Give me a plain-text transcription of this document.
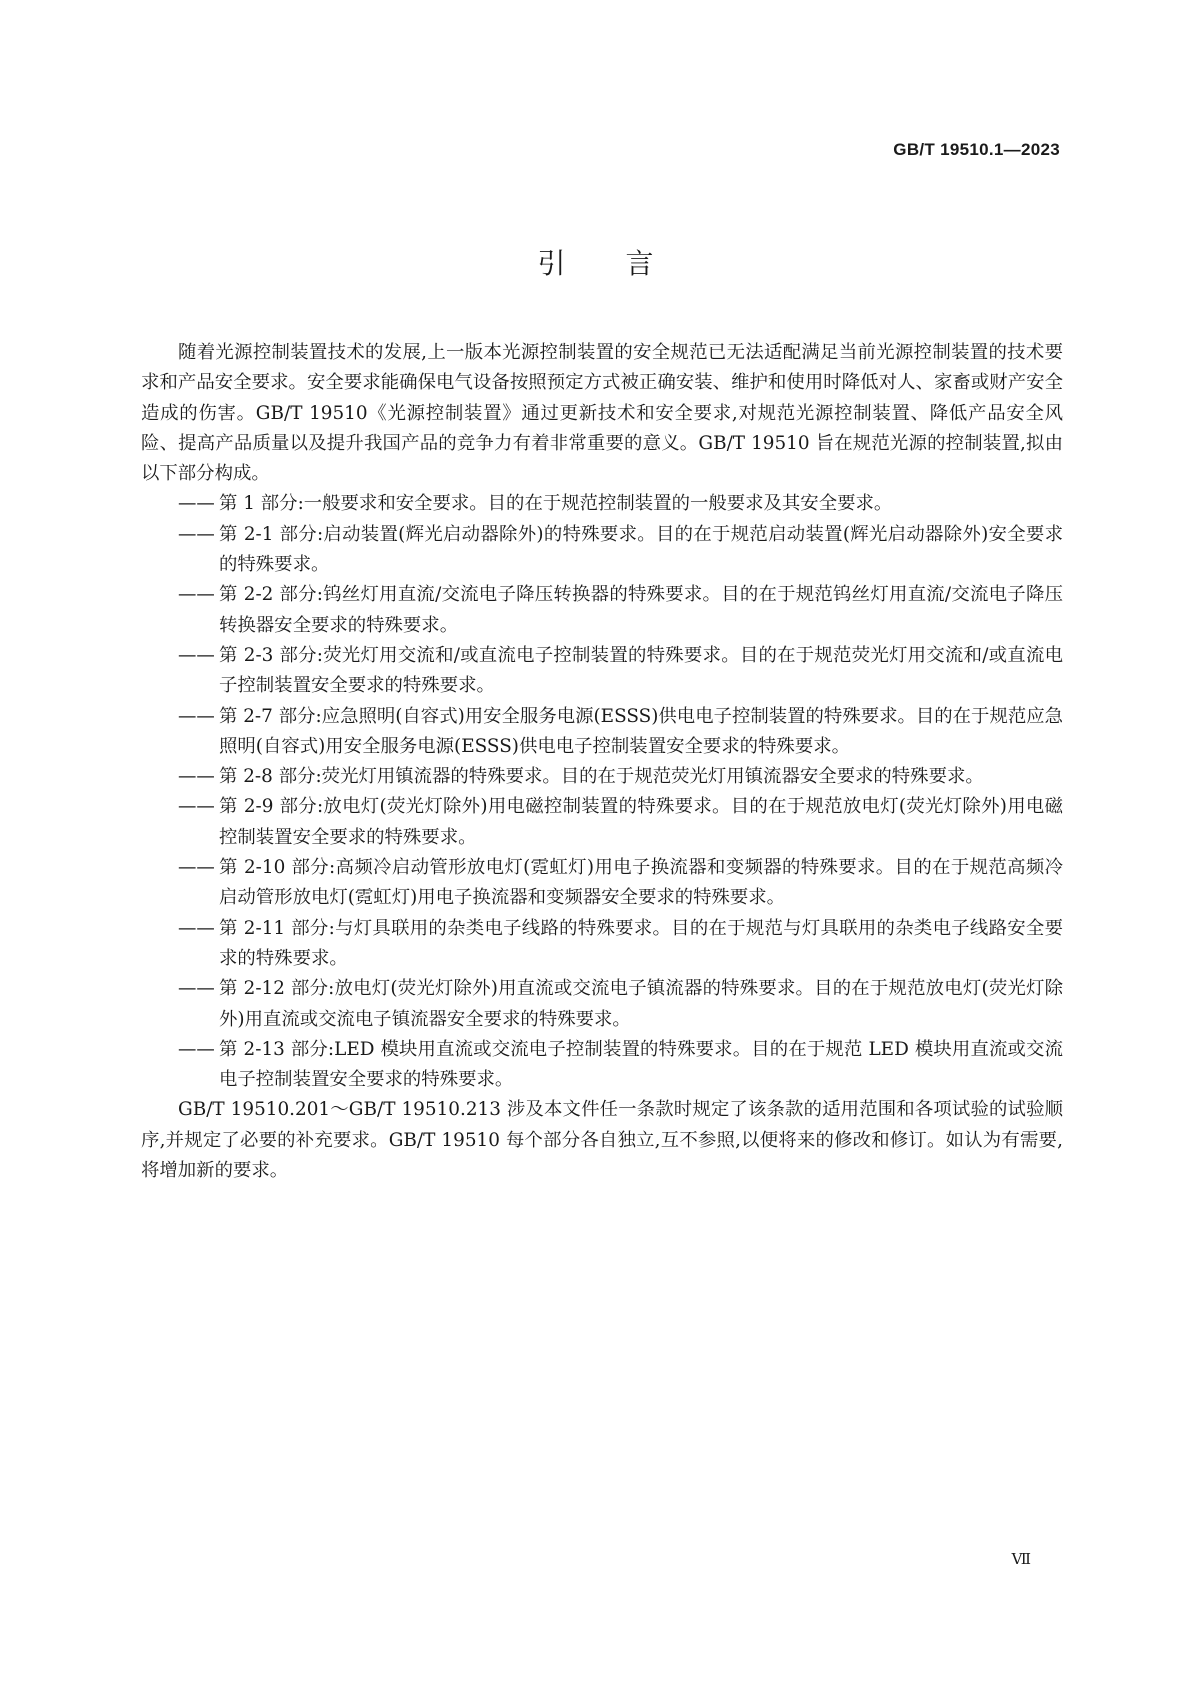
GB/T 19510.1—2023
引言

随着光源控制装置技术的发展,上一版本光源控制装置的安全规范已无法适配满足当前光源控制装置的技术要求和产品安全要求。安全要求能确保电气设备按照预定方式被正确安装、维护和使用时降低对人、家畜或财产安全造成的伤害。GB/T 19510《光源控制装置》通过更新技术和安全要求,对规范光源控制装置、降低产品安全风险、提高产品质量以及提升我国产品的竞争力有着非常重要的意义。GB/T 19510 旨在规范光源的控制装置,拟由以下部分构成。

—— 第 1 部分:一般要求和安全要求。目的在于规范控制装置的一般要求及其安全要求。
—— 第 2-1 部分:启动装置(辉光启动器除外)的特殊要求。目的在于规范启动装置(辉光启动器除外)安全要求的特殊要求。
—— 第 2-2 部分:钨丝灯用直流/交流电子降压转换器的特殊要求。目的在于规范钨丝灯用直流/交流电子降压转换器安全要求的特殊要求。
—— 第 2-3 部分:荧光灯用交流和/或直流电子控制装置的特殊要求。目的在于规范荧光灯用交流和/或直流电子控制装置安全要求的特殊要求。
—— 第 2-7 部分:应急照明(自容式)用安全服务电源(ESSS)供电电子控制装置的特殊要求。目的在于规范应急照明(自容式)用安全服务电源(ESSS)供电电子控制装置安全要求的特殊要求。
—— 第 2-8 部分:荧光灯用镇流器的特殊要求。目的在于规范荧光灯用镇流器安全要求的特殊要求。
—— 第 2-9 部分:放电灯(荧光灯除外)用电磁控制装置的特殊要求。目的在于规范放电灯(荧光灯除外)用电磁控制装置安全要求的特殊要求。
—— 第 2-10 部分:高频冷启动管形放电灯(霓虹灯)用电子换流器和变频器的特殊要求。目的在于规范高频冷启动管形放电灯(霓虹灯)用电子换流器和变频器安全要求的特殊要求。
—— 第 2-11 部分:与灯具联用的杂类电子线路的特殊要求。目的在于规范与灯具联用的杂类电子线路安全要求的特殊要求。
—— 第 2-12 部分:放电灯(荧光灯除外)用直流或交流电子镇流器的特殊要求。目的在于规范放电灯(荧光灯除外)用直流或交流电子镇流器安全要求的特殊要求。
—— 第 2-13 部分:LED 模块用直流或交流电子控制装置的特殊要求。目的在于规范 LED 模块用直流或交流电子控制装置安全要求的特殊要求。

GB/T 19510.201～GB/T 19510.213 涉及本文件任一条款时规定了该条款的适用范围和各项试验的试验顺序,并规定了必要的补充要求。GB/T 19510 每个部分各自独立,互不参照,以便将来的修改和修订。如认为有需要,将增加新的要求。

Ⅶ
